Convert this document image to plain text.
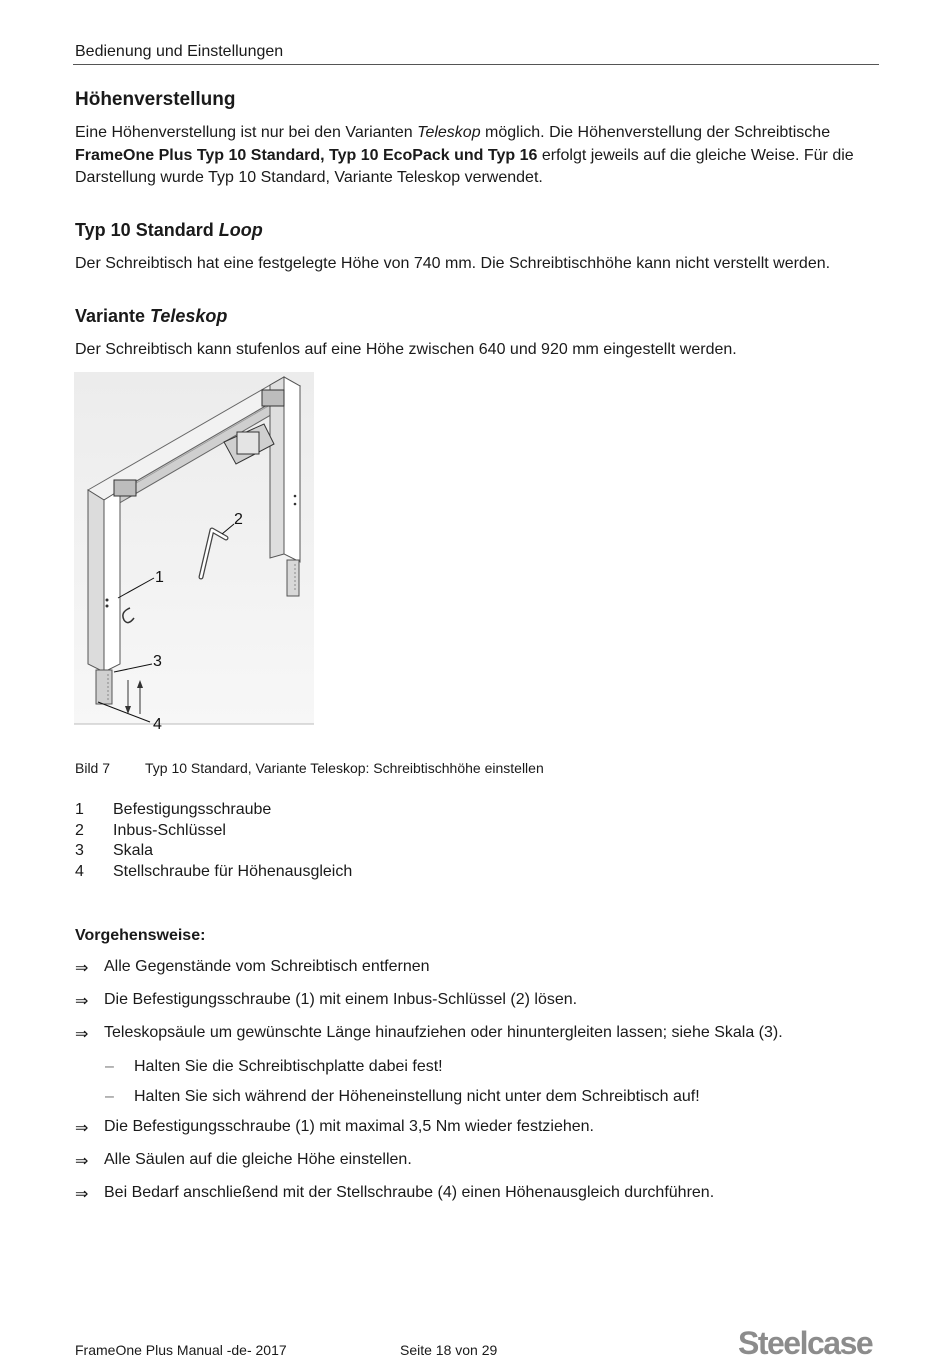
Bedienung und Einstellungen
Höhenverstellung

Eine Höhenverstellung ist nur bei den Varianten Teleskop möglich. Die Höhenverstellung der Schreibtische
FrameOne Plus Typ 10 Standard, Typ 10 EcoPack und Typ 16 erfolgt jeweils auf die gleiche Weise. Für die Darstellung wurde Typ 10 Standard, Variante Teleskop verwendet.

Typ 10 Standard Loop

Der Schreibtisch hat eine festgelegte Höhe von 740 mm. Die Schreibtischhöhe kann nicht verstellt werden.

Variante Teleskop

Der Schreibtisch kann stufenlos auf eine Höhe zwischen 640 und 920 mm eingestellt werden.

2
1
3
4
Bild 7 Typ 10 Standard, Variante Teleskop: Schreibtischhöhe einstellen
1	Befestigungsschraube
2	Inbus-Schlüssel
3	Skala
4	Stellschraube für Höhenausgleich
Vorgehensweise:
⇒ Alle Gegenstände vom Schreibtisch entfernen
⇒ Die Befestigungsschraube (1) mit einem Inbus-Schlüssel (2) lösen.
⇒ Teleskopsäule um gewünschte Länge hinaufziehen oder hinuntergleiten lassen; siehe Skala (3).
–	Halten Sie die Schreibtischplatte dabei fest!
–	Halten Sie sich während der Höheneinstellung nicht unter dem Schreibtisch auf!
⇒ Die Befestigungsschraube (1) mit maximal 3,5 Nm wieder festziehen.
⇒ Alle Säulen auf die gleiche Höhe einstellen.
⇒ Bei Bedarf anschließend mit der Stellschraube (4) einen Höhenausgleich durchführen.
FrameOne Plus Manual -de- 2017	Seite 18 von 29	Steelcase
